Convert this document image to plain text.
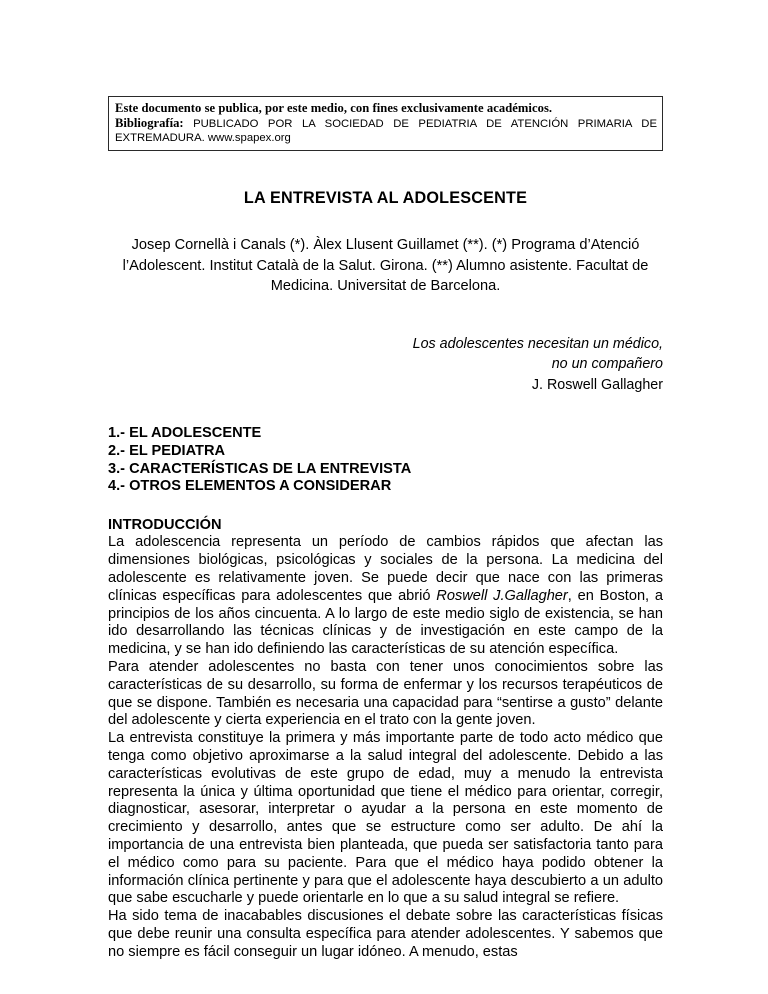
Este documento se publica, por este medio, con fines exclusivamente académicos.
Bibliografía: PUBLICADO POR LA SOCIEDAD DE PEDIATRIA DE ATENCIÓN PRIMARIA DE EXTREMADURA. www.spapex.org
LA ENTREVISTA AL ADOLESCENTE
Josep Cornellà i Canals (*). Àlex Llusent Guillamet (**). (*) Programa d’Atenció l’Adolescent. Institut Català de la Salut. Girona. (**) Alumno asistente. Facultat de Medicina. Universitat de Barcelona.
Los adolescentes necesitan un médico,
no un compañero
J. Roswell Gallagher
1.- EL ADOLESCENTE
2.- EL PEDIATRA
3.- CARACTERÍSTICAS DE LA ENTREVISTA
4.- OTROS ELEMENTOS A CONSIDERAR
INTRODUCCIÓN

La adolescencia representa un período de cambios rápidos que afectan las dimensiones biológicas, psicológicas y sociales de la persona. La medicina del adolescente es relativamente joven. Se puede decir que nace con las primeras clínicas específicas para adolescentes que abrió Roswell J.Gallagher, en Boston, a principios de los años cincuenta. A lo largo de este medio siglo de existencia, se han ido desarrollando las técnicas clínicas y de investigación en este campo de la medicina, y se han ido definiendo las características de su atención específica.

Para atender adolescentes no basta con tener unos conocimientos sobre las características de su desarrollo, su forma de enfermar y los recursos terapéuticos de que se dispone. También es necesaria una capacidad para “sentirse a gusto” delante del adolescente y cierta experiencia en el trato con la gente joven.

La entrevista constituye la primera y más importante parte de todo acto médico que tenga como objetivo aproximarse a la salud integral del adolescente. Debido a las características evolutivas de este grupo de edad, muy a menudo la entrevista representa la única y última oportunidad que tiene el médico para orientar, corregir, diagnosticar, asesorar, interpretar o ayudar a la persona en este momento de crecimiento y desarrollo, antes que se estructure como ser adulto. De ahí la importancia de una entrevista bien planteada, que pueda ser satisfactoria tanto para el médico como para su paciente. Para que el médico haya podido obtener la información clínica pertinente y para que el adolescente haya descubierto a un adulto que sabe escucharle y puede orientarle en lo que a su salud integral se refiere.

Ha sido tema de inacabables discusiones el debate sobre las características físicas que debe reunir una consulta específica para atender adolescentes. Y sabemos que no siempre es fácil conseguir un lugar idóneo. A menudo, estas
